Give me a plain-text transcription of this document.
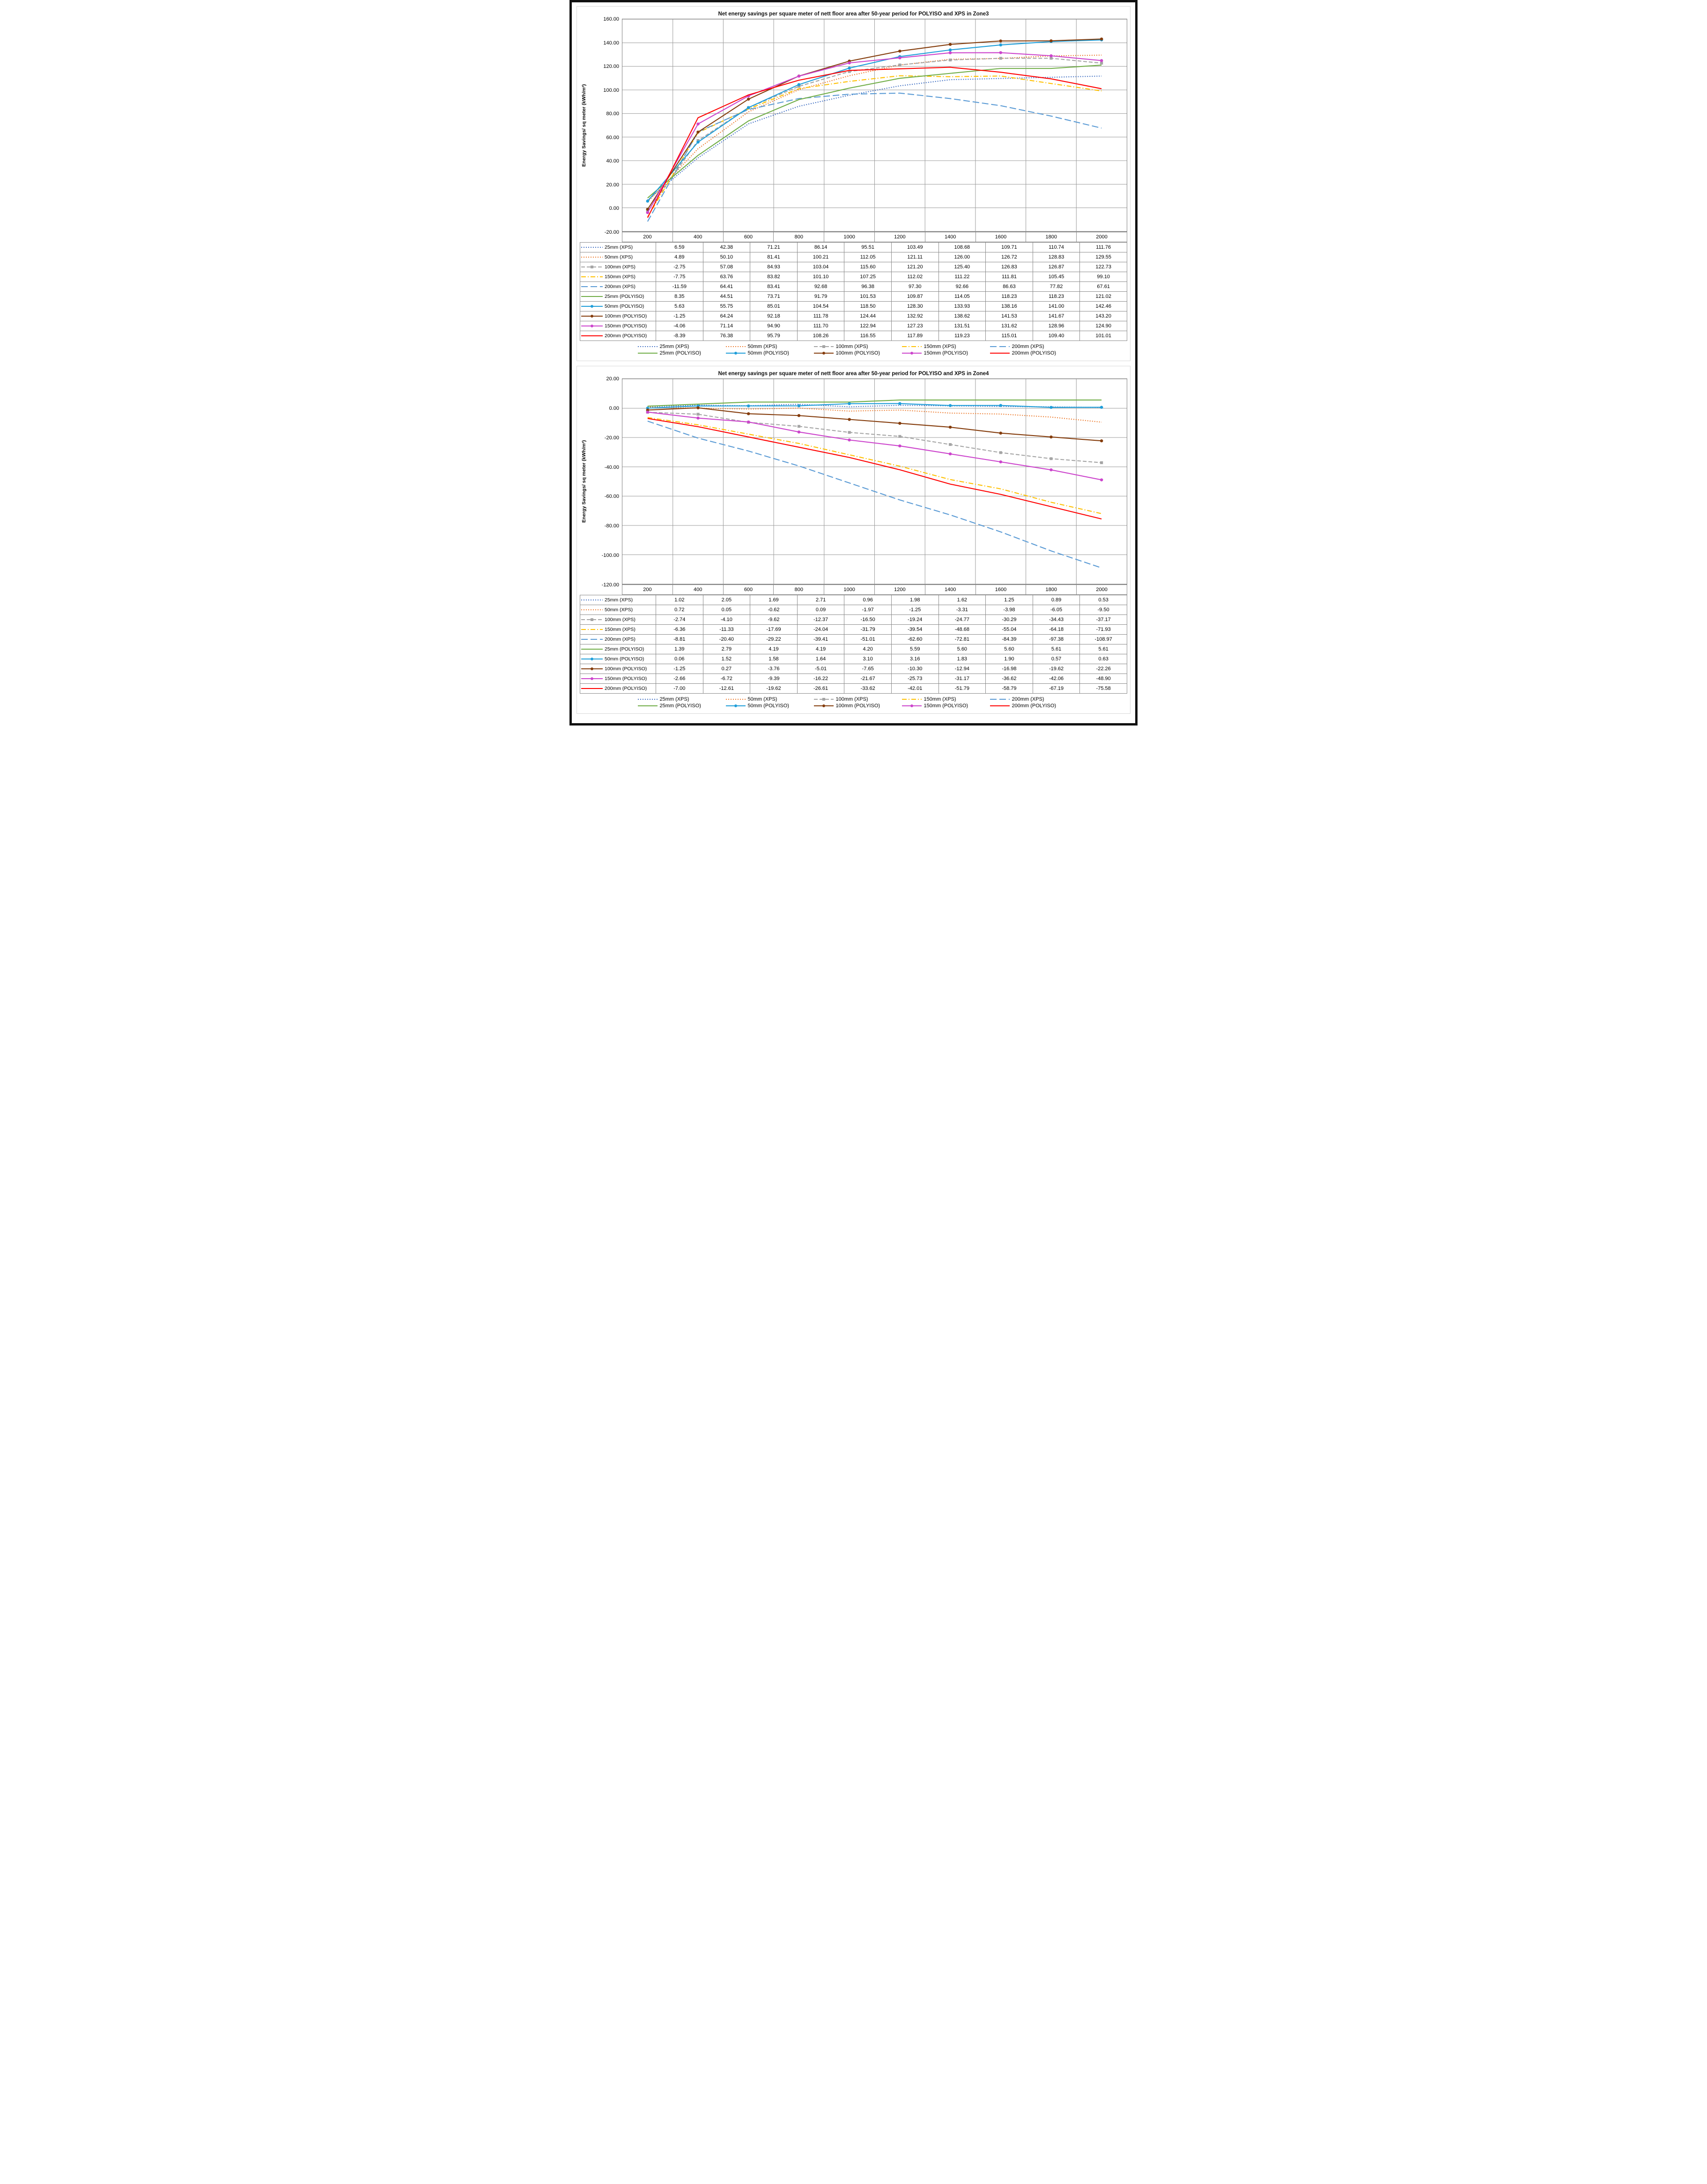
Net energy savings per square meter of nett floor area after 50-year period for POLYISO and XPS in Zone3
Energy Savings/ sq meter (kWh/m²)
-20.00
0.00
20.00
40.00
60.00
80.00
100.00
120.00
140.00
160.00
200	400	600	800	1000	1200	1400	1600	1800	2000
25mm (XPS)	6.59	42.38	71.21	86.14	95.51	103.49	108.68	109.71	110.74	111.76

50mm (XPS)	4.89	50.10	81.41	100.21	112.05	121.11	126.00	126.72	128.83	129.55

100mm (XPS)	-2.75	57.08	84.93	103.04	115.60	121.20	125.40	126.83	126.87	122.73

150mm (XPS)	-7.75	63.76	83.82	101.10	107.25	112.02	111.22	111.81	105.45	99.10

200mm (XPS)	-11.59	64.41	83.41	92.68	96.38	97.30	92.66	86.63	77.82	67.61

25mm (POLYISO)	8.35	44.51	73.71	91.79	101.53	109.87	114.05	118.23	118.23	121.02

50mm (POLYISO)	5.63	55.75	85.01	104.54	118.50	128.30	133.93	138.16	141.00	142.46

100mm (POLYISO)	-1.25	64.24	92.18	111.78	124.44	132.92	138.62	141.53	141.67	143.20

150mm (POLYISO)	-4.06	71.14	94.90	111.70	122.94	127.23	131.51	131.62	128.96	124.90

200mm (POLYISO)	-8.39	76.38	95.79	108.26	116.55	117.89	119.23	115.01	109.40	101.01
25mm (XPS)	50mm (XPS)	100mm (XPS)	150mm (XPS)	200mm (XPS)
25mm (POLYISO)	50mm (POLYISO)	100mm (POLYISO)	150mm (POLYISO)	200mm (POLYISO)
Net energy savings per square meter of nett floor area after 50-year period for POLYISO and XPS in Zone4
Energy Savings/ sq meter (kWh/m²)
-120.00
-100.00
-80.00
-60.00
-40.00
-20.00
0.00
20.00
200	400	600	800	1000	1200	1400	1600	1800	2000
25mm (XPS)	1.02	2.05	1.69	2.71	0.96	1.98	1.62	1.25	0.89	0.53

50mm (XPS)	0.72	0.05	-0.62	0.09	-1.97	-1.25	-3.31	-3.98	-6.05	-9.50

100mm (XPS)	-2.74	-4.10	-9.62	-12.37	-16.50	-19.24	-24.77	-30.29	-34.43	-37.17

150mm (XPS)	-6.36	-11.33	-17.69	-24.04	-31.79	-39.54	-48.68	-55.04	-64.18	-71.93

200mm (XPS)	-8.81	-20.40	-29.22	-39.41	-51.01	-62.60	-72.81	-84.39	-97.38	-108.97

25mm (POLYISO)	1.39	2.79	4.19	4.19	4.20	5.59	5.60	5.60	5.61	5.61

50mm (POLYISO)	0.06	1.52	1.58	1.64	3.10	3.16	1.83	1.90	0.57	0.63

100mm (POLYISO)	-1.25	0.27	-3.76	-5.01	-7.65	-10.30	-12.94	-16.98	-19.62	-22.26

150mm (POLYISO)	-2.66	-6.72	-9.39	-16.22	-21.67	-25.73	-31.17	-36.62	-42.06	-48.90

200mm (POLYISO)	-7.00	-12.61	-19.62	-26.61	-33.62	-42.01	-51.79	-58.79	-67.19	-75.58
25mm (XPS)	50mm (XPS)	100mm (XPS)	150mm (XPS)	200mm (XPS)
25mm (POLYISO)	50mm (POLYISO)	100mm (POLYISO)	150mm (POLYISO)	200mm (POLYISO)
